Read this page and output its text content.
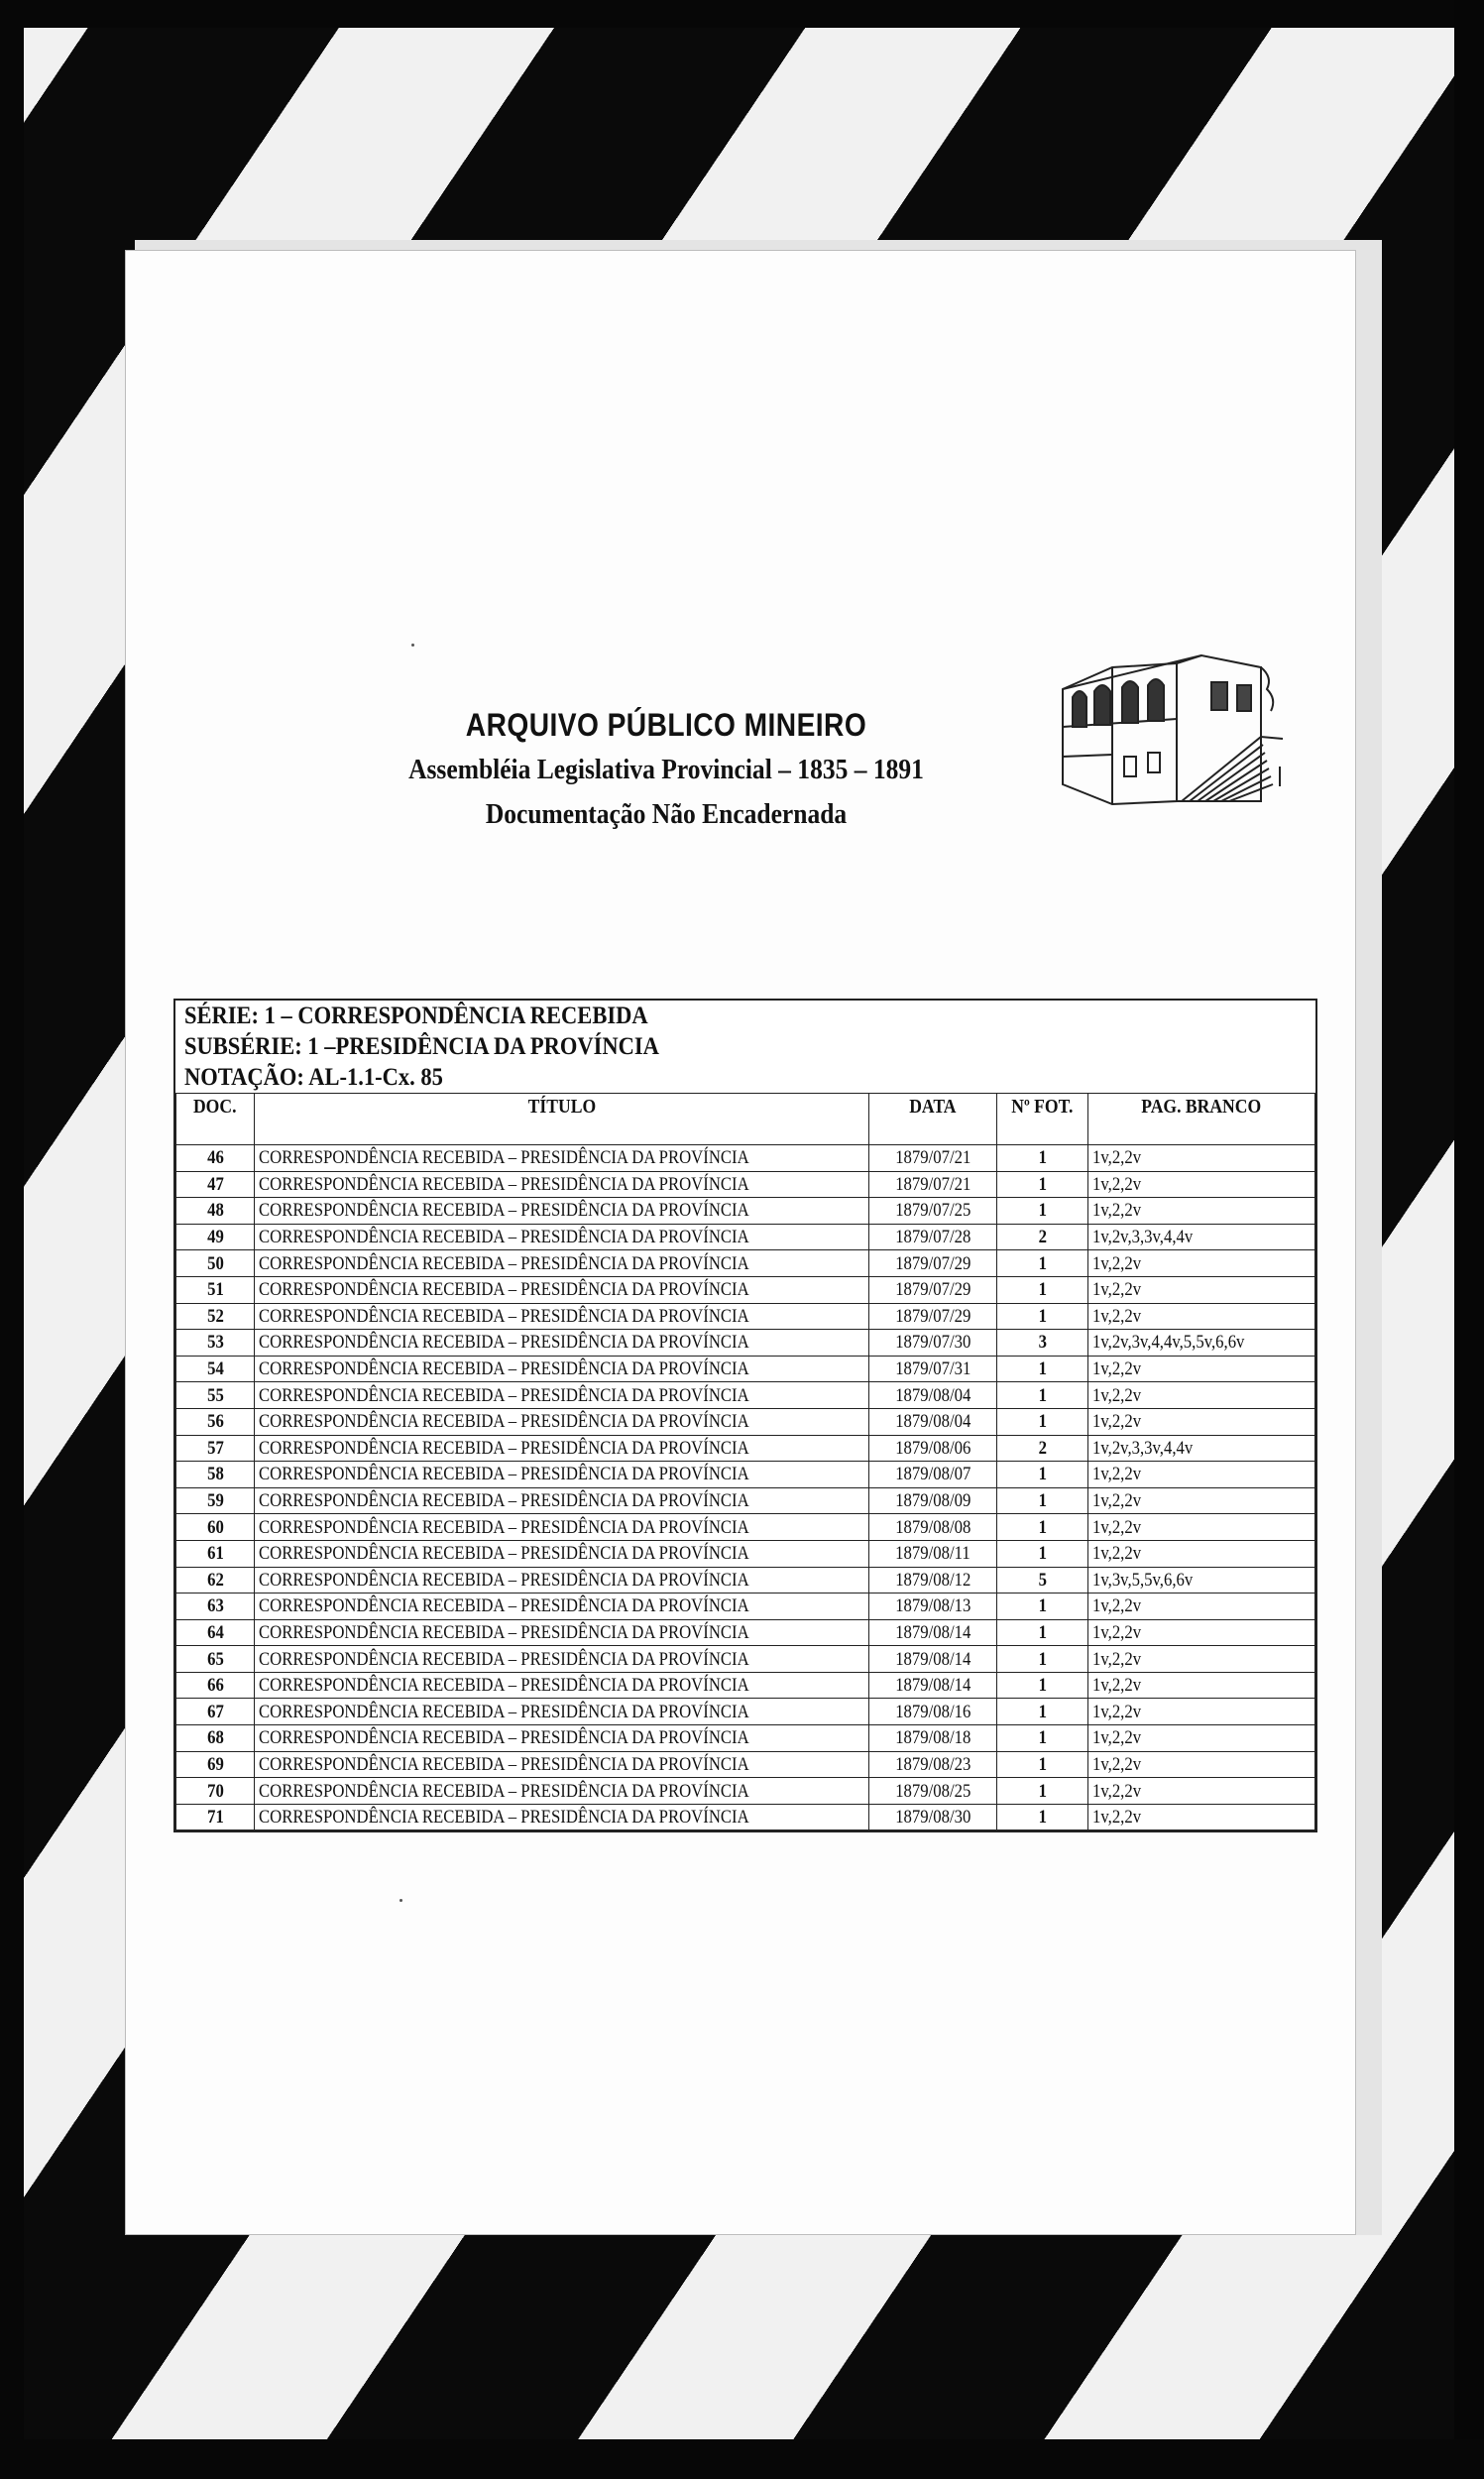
ARQUIVO PÚBLICO MINEIRO
Assembléia Legislativa Provincial – 1835 – 1891
Documentação Não Encadernada
SÉRIE: 1 – CORRESPONDÊNCIA RECEBIDA
SUBSÉRIE: 1 –PRESIDÊNCIA DA PROVÍNCIA
NOTAÇÃO: AL-1.1-Cx. 85
DOC.	TÍTULO	DATA	Nº FOT.	PAG. BRANCO
46	CORRESPONDÊNCIA RECEBIDA – PRESIDÊNCIA DA PROVÍNCIA	1879/07/21	1	1v,2,2v
47	CORRESPONDÊNCIA RECEBIDA – PRESIDÊNCIA DA PROVÍNCIA	1879/07/21	1	1v,2,2v
48	CORRESPONDÊNCIA RECEBIDA – PRESIDÊNCIA DA PROVÍNCIA	1879/07/25	1	1v,2,2v
49	CORRESPONDÊNCIA RECEBIDA – PRESIDÊNCIA DA PROVÍNCIA	1879/07/28	2	1v,2v,3,3v,4,4v
50	CORRESPONDÊNCIA RECEBIDA – PRESIDÊNCIA DA PROVÍNCIA	1879/07/29	1	1v,2,2v
51	CORRESPONDÊNCIA RECEBIDA – PRESIDÊNCIA DA PROVÍNCIA	1879/07/29	1	1v,2,2v
52	CORRESPONDÊNCIA RECEBIDA – PRESIDÊNCIA DA PROVÍNCIA	1879/07/29	1	1v,2,2v
53	CORRESPONDÊNCIA RECEBIDA – PRESIDÊNCIA DA PROVÍNCIA	1879/07/30	3	1v,2v,3v,4,4v,5,5v,6,6v
54	CORRESPONDÊNCIA RECEBIDA – PRESIDÊNCIA DA PROVÍNCIA	1879/07/31	1	1v,2,2v
55	CORRESPONDÊNCIA RECEBIDA – PRESIDÊNCIA DA PROVÍNCIA	1879/08/04	1	1v,2,2v
56	CORRESPONDÊNCIA RECEBIDA – PRESIDÊNCIA DA PROVÍNCIA	1879/08/04	1	1v,2,2v
57	CORRESPONDÊNCIA RECEBIDA – PRESIDÊNCIA DA PROVÍNCIA	1879/08/06	2	1v,2v,3,3v,4,4v
58	CORRESPONDÊNCIA RECEBIDA – PRESIDÊNCIA DA PROVÍNCIA	1879/08/07	1	1v,2,2v
59	CORRESPONDÊNCIA RECEBIDA – PRESIDÊNCIA DA PROVÍNCIA	1879/08/09	1	1v,2,2v
60	CORRESPONDÊNCIA RECEBIDA – PRESIDÊNCIA DA PROVÍNCIA	1879/08/08	1	1v,2,2v
61	CORRESPONDÊNCIA RECEBIDA – PRESIDÊNCIA DA PROVÍNCIA	1879/08/11	1	1v,2,2v
62	CORRESPONDÊNCIA RECEBIDA – PRESIDÊNCIA DA PROVÍNCIA	1879/08/12	5	1v,3v,5,5v,6,6v
63	CORRESPONDÊNCIA RECEBIDA – PRESIDÊNCIA DA PROVÍNCIA	1879/08/13	1	1v,2,2v
64	CORRESPONDÊNCIA RECEBIDA – PRESIDÊNCIA DA PROVÍNCIA	1879/08/14	1	1v,2,2v
65	CORRESPONDÊNCIA RECEBIDA – PRESIDÊNCIA DA PROVÍNCIA	1879/08/14	1	1v,2,2v
66	CORRESPONDÊNCIA RECEBIDA – PRESIDÊNCIA DA PROVÍNCIA	1879/08/14	1	1v,2,2v
67	CORRESPONDÊNCIA RECEBIDA – PRESIDÊNCIA DA PROVÍNCIA	1879/08/16	1	1v,2,2v
68	CORRESPONDÊNCIA RECEBIDA – PRESIDÊNCIA DA PROVÍNCIA	1879/08/18	1	1v,2,2v
69	CORRESPONDÊNCIA RECEBIDA – PRESIDÊNCIA DA PROVÍNCIA	1879/08/23	1	1v,2,2v
70	CORRESPONDÊNCIA RECEBIDA – PRESIDÊNCIA DA PROVÍNCIA	1879/08/25	1	1v,2,2v
71	CORRESPONDÊNCIA RECEBIDA – PRESIDÊNCIA DA PROVÍNCIA	1879/08/30	1	1v,2,2v
